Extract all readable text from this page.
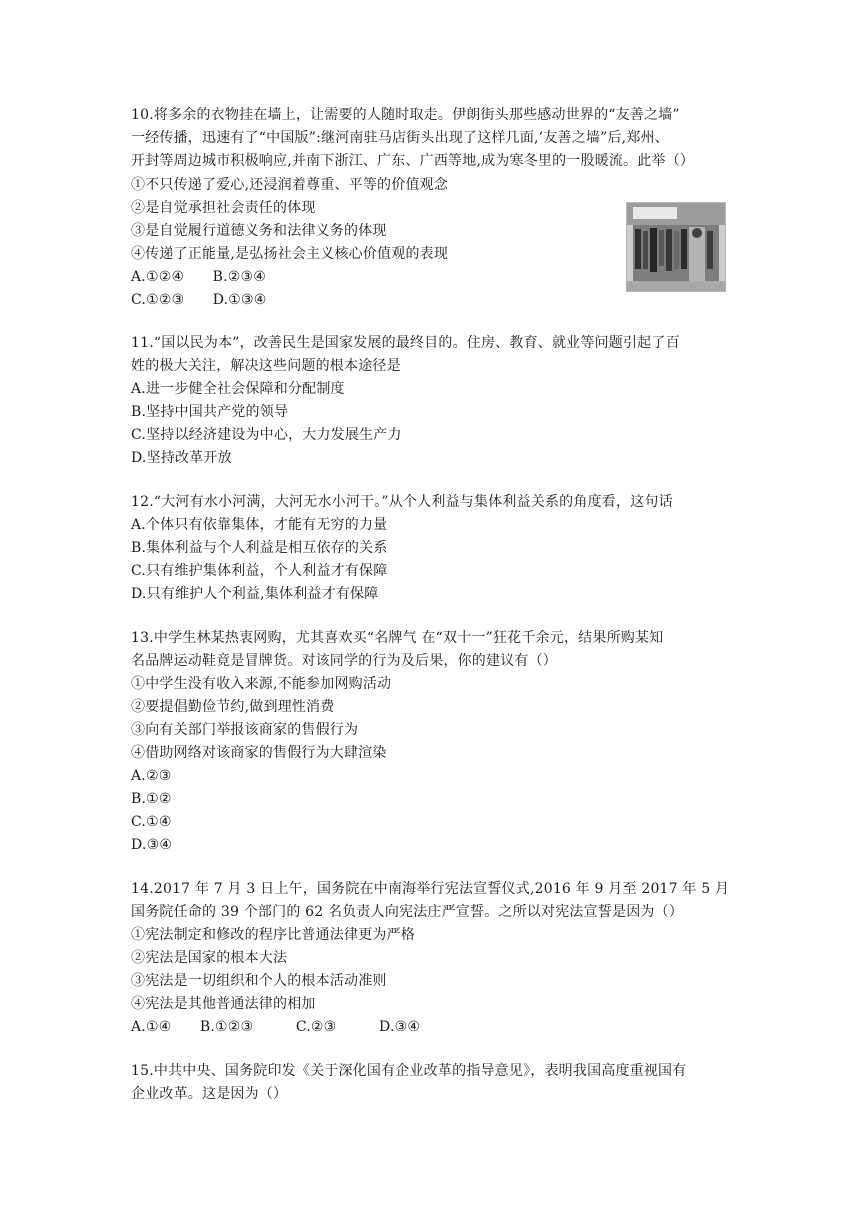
10.将多余的衣物挂在墙上，让需要的人随时取走。伊朗街头那些感动世界的“友善之墙”
一经传播，迅速有了“中国版”:继河南驻马店街头出现了这样几面,’友善之墙”后,郑州、
开封等周边城市积极响应,并南下浙江、广东、广西等地,成为寒冬里的一股暖流。此举（）
①不只传递了爱心,还浸润着尊重、平等的价值观念
②是自觉承担社会责任的体现
③是自觉履行道德义务和法律义务的体现
④传递了正能量,是弘扬社会主义核心价值观的表现
A.①②④　　B.②③④
C.①②③　　D.①③④
11.“国以民为本”，改善民生是国家发展的最终目的。住房、教育、就业等问题引起了百
姓的极大关注，解决这些问题的根本途径是
A.进一步健全社会保障和分配制度
B.坚持中国共产党的领导
C.坚持以经济建设为中心，大力发展生产力
D.坚持改革开放
12.“大河有水小河满，大河无水小河干。”从个人利益与集体利益关系的角度看，这句话
A.个体只有依靠集体，才能有无穷的力量
B.集体利益与个人利益是相互依存的关系
C.只有维护集体利益，个人利益才有保障
D.只有维护人个利益,集体利益才有保障
13.中学生林某热衷网购，尤其喜欢买“名牌气 在“双十一”狂花千余元，结果所购某知
名品牌运动鞋竟是冒牌货。对该同学的行为及后果，你的建议有（）
①中学生没有收入来源,不能参加网购活动
②要提倡勤俭节约,做到理性消费
③向有关部门举报该商家的售假行为
④借助网络对该商家的售假行为大肆渲染
A.②③
B.①②
C.①④
D.③④
14.2017 年 7 月 3 日上午，国务院在中南海举行宪法宣誓仪式,2016 年 9 月至 2017 年 5 月
国务院任命的 39 个部门的 62 名负责人向宪法庄严宣誓。之所以对宪法宣誓是因为（）
①宪法制定和修改的程序比普通法律更为严格
②宪法是国家的根本大法
③宪法是一切组织和个人的根本活动准则
④宪法是其他普通法律的相加
A.①④　　B.①②③　　　C.②③　　　D.③④
15.中共中央、国务院印发《关于深化国有企业改革的指导意见》，表明我国高度重视国有
企业改革。这是因为（）
